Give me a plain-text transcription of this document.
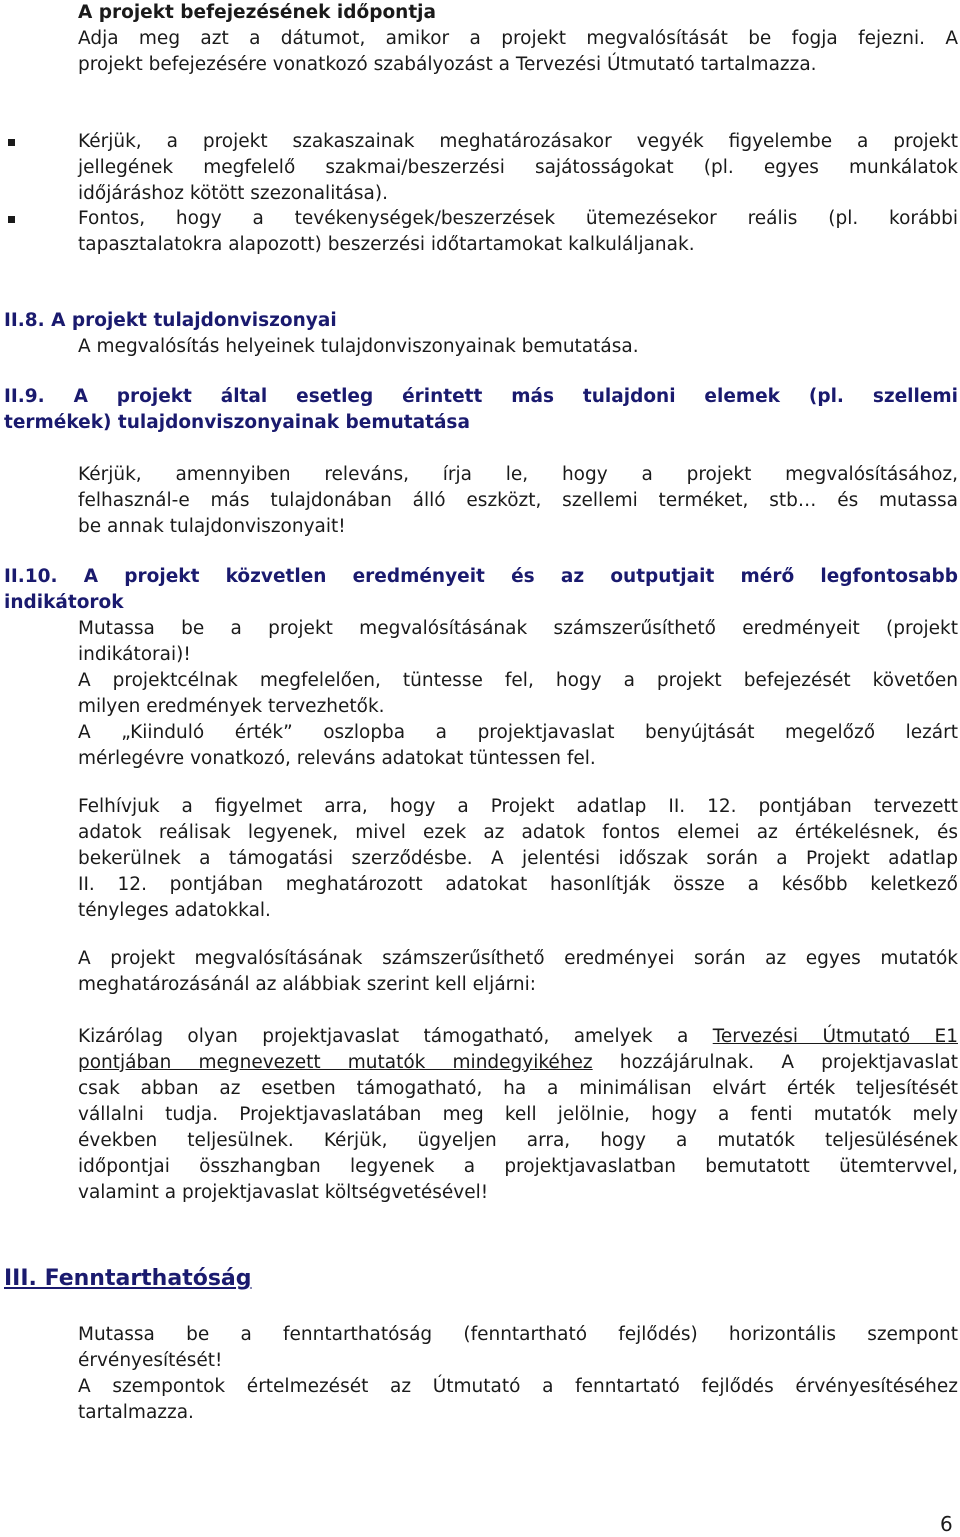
A projekt befejezésének időpontja

Adja meg azt a dátumot, amikor a projekt megvalósítását be fogja fejezni. A

projekt befejezésére vonatkozó szabályozást a Tervezési Útmutató tartalmazza.

Kérjük, a projekt szakaszainak meghatározásakor vegyék figyelembe a projekt

jellegének megfelelő szakmai/beszerzési sajátosságokat (pl. egyes munkálatok

időjáráshoz kötött szezonalitása).

Fontos, hogy a tevékenységek/beszerzések ütemezésekor reális (pl. korábbi

tapasztalatokra alapozott) beszerzési időtartamokat kalkuláljanak.

II.8. A projekt tulajdonviszonyai

A megvalósítás helyeinek tulajdonviszonyainak bemutatása.

II.9. A projekt által esetleg érintett más tulajdoni elemek (pl. szellemi

termékek) tulajdonviszonyainak bemutatása

Kérjük, amennyiben releváns, írja le, hogy a projekt megvalósításához,

felhasznál-e más tulajdonában álló eszközt, szellemi terméket, stb… és mutassa

be annak tulajdonviszonyait!

II.10. A projekt közvetlen eredményeit és az outputjait mérő legfontosabb

indikátorok

Mutassa be a projekt megvalósításának számszerűsíthető eredményeit (projekt

indikátorai)!

A projektcélnak megfelelően, tüntesse fel, hogy a projekt befejezését követően

milyen eredmények tervezhetők.

A „Kiinduló érték” oszlopba a projektjavaslat benyújtását megelőző lezárt

mérlegévre vonatkozó, releváns adatokat tüntessen fel.

Felhívjuk a figyelmet arra, hogy a Projekt adatlap II. 12. pontjában tervezett

adatok reálisak legyenek, mivel ezek az adatok fontos elemei az értékelésnek, és

bekerülnek a támogatási szerződésbe. A jelentési időszak során a Projekt adatlap

II. 12. pontjában meghatározott adatokat hasonlítják össze a később keletkező

tényleges adatokkal.

A projekt megvalósításának számszerűsíthető eredményei során az egyes mutatók

meghatározásánál az alábbiak szerint kell eljárni:

Kizárólag olyan projektjavaslat támogatható, amelyek a Tervezési Útmutató E1

pontjában megnevezett mutatók mindegyikéhez hozzájárulnak. A projektjavaslat

csak abban az esetben támogatható, ha a minimálisan elvárt érték teljesítését

vállalni tudja. Projektjavaslatában meg kell jelölnie, hogy a fenti mutatók mely

években teljesülnek. Kérjük, ügyeljen arra, hogy a mutatók teljesülésének

időpontjai összhangban legyenek a projektjavaslatban bemutatott ütemtervvel,

valamint a projektjavaslat költségvetésével!

III. Fenntarthatóság

Mutassa be a fenntarthatóság (fenntartható fejlődés) horizontális szempont

érvényesítését!

A szempontok értelmezését az Útmutató a fenntartató fejlődés érvényesítéséhez

tartalmazza.

6
